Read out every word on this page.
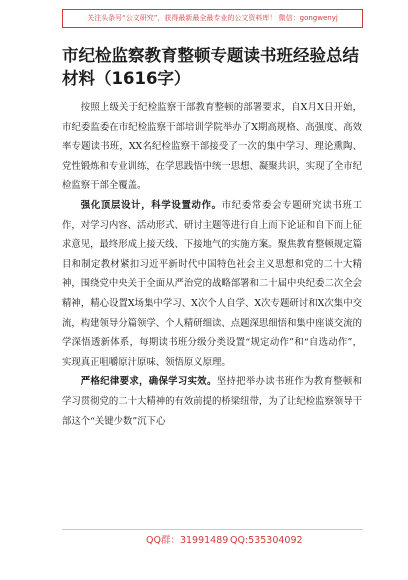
关注头条号“公文研究”，获得最新最全最专业的公文资料库！ 微信：gongwenyj
市纪检监察教育整顿专题读书班经验总结材料（1616字）

按照上级关于纪检监察干部教育整顿的部署要求，自X月X日开始，市纪委监委在市纪检监察干部培训学院举办了X期高规格、高强度、高效率专题读书班，XX名纪检监察干部接受了一次的集中学习、理论熏陶、党性锻炼和专业训练，在学思践悟中统一思想、凝聚共识，实现了全市纪检监察干部全覆盖。

强化顶层设计，科学设置动作。市纪委常委会专题研究读书班工作，对学习内容、活动形式、研讨主题等进行自上而下论证和自下而上征求意见，最终形成上接天线、下接地气的实施方案。聚焦教育整顿规定篇目和制定教材紧扣习近平新时代中国特色社会主义思想和党的二十大精神，围绕党中央关于全面从严治党的战略部署和二十届中央纪委二次全会精神，精心设置X场集中学习、X次个人自学、X次专题研讨和X次集中交流，构建领导分篇领学、个人精研细读、点题深思细悟和集中座谈交流的学深悟透新体系，每期读书班分级分类设置“规定动作”和“自选动作”，实现真正咀嚼原汁原味、领悟原义原理。

严格纪律要求，确保学习实效。坚持把举办读书班作为教育整顿和学习贯彻党的二十大精神的有效前提的桥梁纽带，为了让纪检监察领导干部这个“关键少数”沉下心

QQ群：31991489 QQ:535304092
